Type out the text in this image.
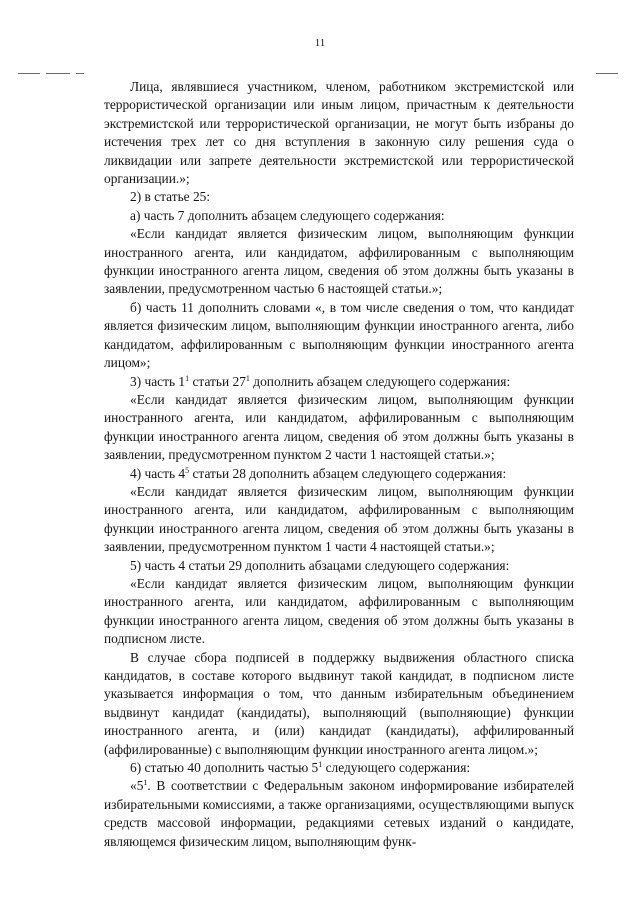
11

Лица, являвшиеся участником, членом, работником экстремистской или террористической организации или иным лицом, причастным к деятельности экстремистской или террористической организации, не могут быть избраны до истечения трех лет со дня вступления в законную силу решения суда о ликвидации или запрете деятельности экстремистской или террористической организации.»;

2) в статье 25:

а) часть 7 дополнить абзацем следующего содержания:

«Если кандидат является физическим лицом, выполняющим функции иностранного агента, или кандидатом, аффилированным с выполняющим функции иностранного агента лицом, сведения об этом должны быть указаны в заявлении, предусмотренном частью 6 настоящей статьи.»;

б) часть 11 дополнить словами «, в том числе сведения о том, что кандидат является физическим лицом, выполняющим функции иностранного агента, либо кандидатом, аффилированным с выполняющим функции иностранного агента лицом»;

3) часть $1^1$ статьи $27^1$ дополнить абзацем следующего содержания:

«Если кандидат является физическим лицом, выполняющим функции иностранного агента, или кандидатом, аффилированным с выполняющим функции иностранного агента лицом, сведения об этом должны быть указаны в заявлении, предусмотренном пунктом 2 части 1 настоящей статьи.»;

4) часть $4^5$ статьи 28 дополнить абзацем следующего содержания:

«Если кандидат является физическим лицом, выполняющим функции иностранного агента, или кандидатом, аффилированным с выполняющим функции иностранного агента лицом, сведения об этом должны быть указаны в заявлении, предусмотренном пунктом 1 части 4 настоящей статьи.»;

5) часть 4 статьи 29 дополнить абзацами следующего содержания:

«Если кандидат является физическим лицом, выполняющим функции иностранного агента, или кандидатом, аффилированным с выполняющим функции иностранного агента лицом, сведения об этом должны быть указаны в подписном листе.

В случае сбора подписей в поддержку выдвижения областного списка кандидатов, в составе которого выдвинут такой кандидат, в подписном листе указывается информация о том, что данным избирательным объединением выдвинут кандидат (кандидаты), выполняющий (выполняющие) функции иностранного агента, и (или) кандидат (кандидаты), аффилированный (аффилированные) с выполняющим функции иностранного агента лицом.»;

6) статью 40 дополнить частью $5^1$ следующего содержания:

«$5^1$. В соответствии с Федеральным законом информирование избирателей избирательными комиссиями, а также организациями, осуществляющими выпуск средств массовой информации, редакциями сетевых изданий о кандидате, являющемся физическим лицом, выполняющим функ-
